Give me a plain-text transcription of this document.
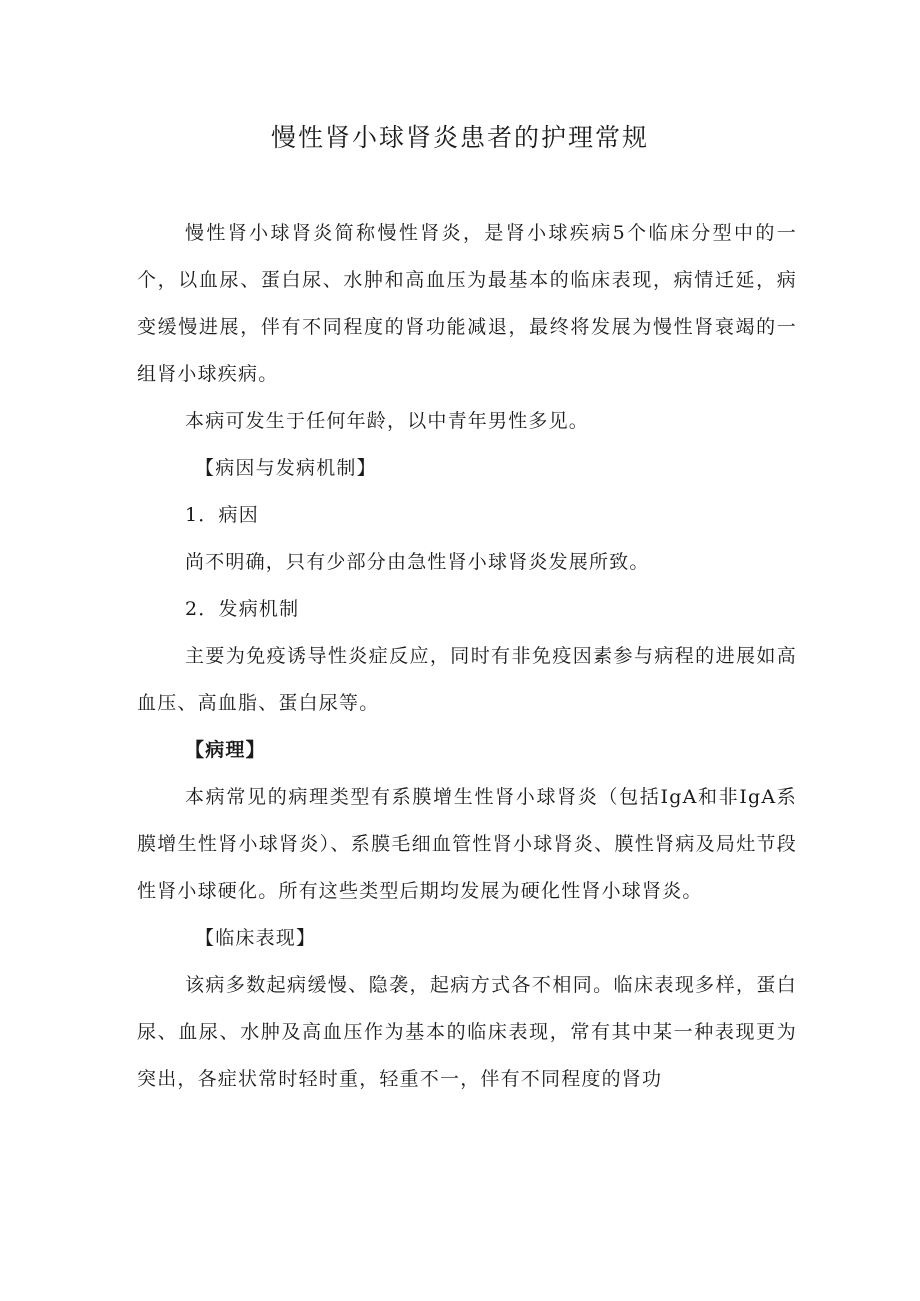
慢性肾小球肾炎患者的护理常规

慢性肾小球肾炎简称慢性肾炎，是肾小球疾病5个临床分型中的一个，以血尿、蛋白尿、水肿和高血压为最基本的临床表现，病情迁延，病变缓慢进展，伴有不同程度的肾功能减退，最终将发展为慢性肾衰竭的一组肾小球疾病。

本病可发生于任何年龄，以中青年男性多见。

【病因与发病机制】

1．病因

尚不明确，只有少部分由急性肾小球肾炎发展所致。

2．发病机制

主要为免疫诱导性炎症反应，同时有非免疫因素参与病程的进展如高血压、高血脂、蛋白尿等。

【病理】

本病常见的病理类型有系膜增生性肾小球肾炎（包括IgA和非IgA系膜增生性肾小球肾炎）、系膜毛细血管性肾小球肾炎、膜性肾病及局灶节段性肾小球硬化。所有这些类型后期均发展为硬化性肾小球肾炎。

【临床表现】

该病多数起病缓慢、隐袭，起病方式各不相同。临床表现多样，蛋白尿、血尿、水肿及高血压作为基本的临床表现，常有其中某一种表现更为突出，各症状常时轻时重，轻重不一，伴有不同程度的肾功
